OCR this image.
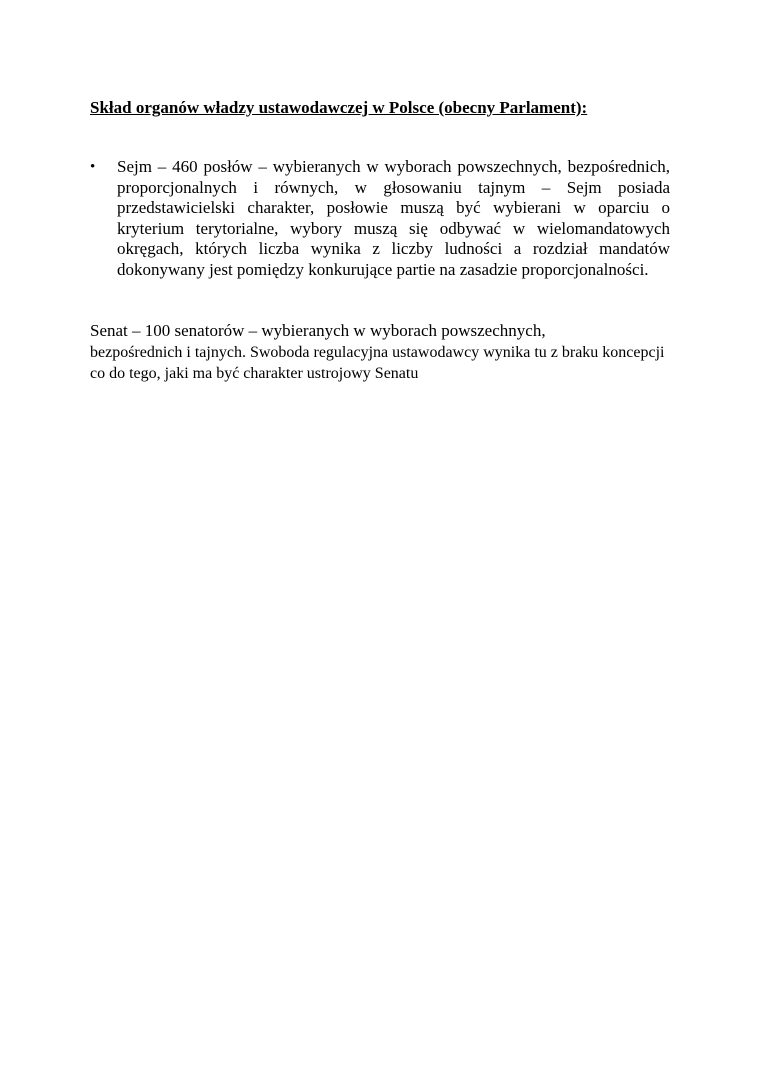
Skład organów władzy ustawodawczej w Polsce (obecny Parlament):
• Sejm – 460 posłów – wybieranych w wyborach powszechnych, bezpośrednich, proporcjonalnych i równych, w głosowaniu tajnym – Sejm posiada przedstawicielski charakter, posłowie muszą być wybierani w oparciu o kryterium terytorialne, wybory muszą się odbywać w wielomandatowych okręgach, których liczba wynika z liczby ludności a rozdział mandatów dokonywany jest pomiędzy konkurujące partie na zasadzie proporcjonalności.

Senat – 100 senatorów – wybieranych w wyborach powszechnych,
bezpośrednich i tajnych. Swoboda regulacyjna ustawodawcy wynika tu z braku koncepcji co do tego, jaki ma być charakter ustrojowy Senatu
